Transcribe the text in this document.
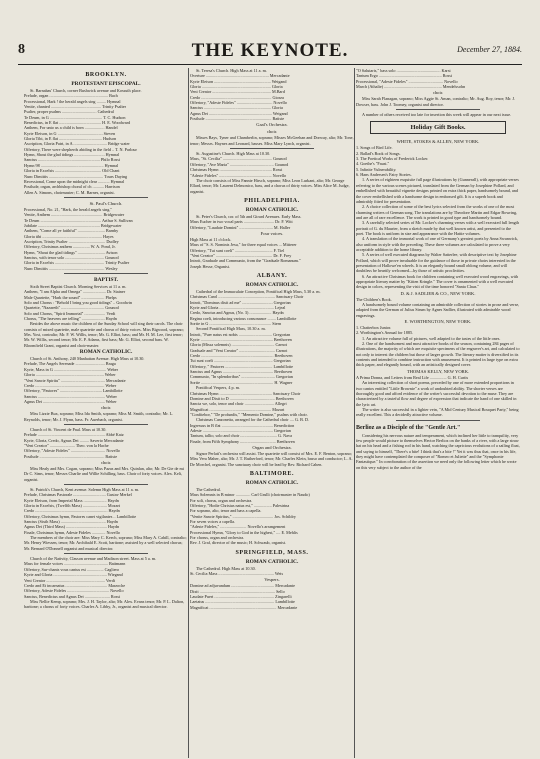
8	THE KEYNOTE.	December 27, 1884.
BROOKLYN.
PROTESTANT EPISCOPAL.
St. Barnabas' Church, corner Bushwick avenue and Kossuth place.
Prelude, organ ........................................................ Bach
Processional, Hark ! the herald angels sing ......... Hymnal
Venite, chanted ................................................ Trinity Psalter
Psalter, proper psalms ................................. Cathedral
Te Deum, in G .................................................. T. C. Hudson
Benedictus, in E flat ........................................ H. E. Woodward
Anthem, For unto us a child is born ................... Handel
Kyrie Eleison, in G ........................................... Steven
Gloria Tibi, in E flat ......................................... Hudson
Ascription, Gloria Patri, in A ................................ Bridge water
Offertory, There were shepherds abiding in the field .. T. N. Parlour
Hymn, Shout the glad tidings ............................. Hymnal
Sanctus ........................................................... Philo Rossi
Hymn 98 ............................................................ Hymnal
Gloria in Excelsis ............................................ Old Chant
Nunc Dimittis .................................................... Tours Daying
Recessional, Come upon the midnight clear ........... Hymnal
Postlude, organ, archbishop choral of ch ........... Harrison
Allen A. Simons, choirmaster; C. M. Barnes, organist.
St. Paul's Church.
Processional, No. 21, "Hark, the herald angels sing."
Venite, Anthem ................................................. Bridgewater
Te Deum .......................................................... Arthur S. Sullivan
Jubilate ........................................................... Bridgewater
Anthem, "Come all ye faithful" .......................... Barnby
Gloria tibi ......................................................... Hayes
Ascription, Trinity Psalter ................................... Dudley
Offertory, Christmas anthem ................ W. A. Pond, Jr.
Hymn, "Shout the glad tidings" .......................... Avison
Sanctus, with tenor solo ..................................... Gounod
Gloria in Excelsis ............................................... Trinity Psalter
Nunc Dimittis ..................................................... Wesley
BAPTIST.
Sixth Street Baptist Church. Morning Services at 11 a. m.
Anthem, "I am Alpha and Omega" ...................... Dr. Stainer
Male Quartette, "Hark the sound" ...................... Phelps
Solo and Chorus : "Behold I bring you good tidings" .. Goodwin
Quartette, "Nazareth" ......................................... Gounod
Solo and Chorus, "Spirit Immortal" .................... Verdi
Chorus, "The heavens are telling" ...................... Haydn
Besides the above music the children of the Sunday School will sing their carols. The choir consists of mixed quartette, male quartette and chorus of thirty voices. Miss Bigwood, soprano; Mrs. Yost, contralto; Mr. F. W. Willis, tenor; Mr. G. Elliot, bass; and Mr. H. M. Lee, first tenor; Mr. W. Willis, second tenor; Mr. E. P. Adams, first bass; Mr. G. Elliot, second bass. W. Bloomfield Grant, organist and choir-master.
ROMAN CATHOLIC.
Church of St. Anthony, 240 Manhattan Avenue. High Mass at 10.30.
Prelude, The Angels Serenade ............................ Braga
Kyrie, Mass in G .................................................. Weber
Gloria ................................................................. Weber
"Veni Sancte Spiritu" .......................................... Mercadante
Credo .................................................................. Weber
Offertory, "Pastores" ........................................ Lambillotte
Sanctus ................................................................ Weber
Agnus Dei ........................................................... Weber
choir.
Miss Lizzie Bux, soprano; Miss Ida Smith, soprano; Miss M. Smith, contralto; Mr. L. Reynolds, tenor; Mr. J. Flynn, bass. Fr. Auerbach, organist.
Church of St. Vincent de Paul. Mass at 10.30.
Prelude ................................................................ Abbé Katz
Kyrie, Gloria, Credo, Agnus Dei ......... Saverio Mercadante
"Veni Creator" ........................ Theo. von la Hache
Offertory, "Adeste Fideles" ................................. Novello
Postlude .............................................................. Batiste
choir.
Miss Healy and Mrs. Cogan, soprano; Miss Pazas and Mrs. Quinlan, alto; Mr. De Gie de mi Dr C. Sims, tenor; Messrs Charlie and Willie Schilling, bass. Choir of forty voices. Alex. Keli, organist.
St. Patrick's Church, Kent avenue. Solemn High Mass at 11 a. m.
Prelude, Christmas Pastorale ............................... Gustav Merkel
Kyrie Eleison, from Imperial Mass ...................... Haydn
Gloria in Excelsis, (Twelfth Mass) ....................... Mozart
Credo ..................................................................... Haydn
Offertory, Christmas hymn, Pastores canet vigilantes .. Lambillotte
Sanctus (Sixth Mass) ........................................... Haydn
Agnus Dei (Third Mass) ....................................... Haydn
Finale, Christmas hymn, Adeste Fideles ............. Novello
The members of the choir are: Miss Mary C. Keech, soprano; Miss Mary A. Cahill, contralto; Mr. Henry Wiessen, tenor; Mr. Archibald E. Scott, baritone; assisted by a well selected chorus; Mr. Bernard O'Donnell organist and musical director.
Church of the Nativity, Classon avenue and Madison street. Mass at 5 a. m.
Mass for female voices .......................................... Battmann
Offertory, Sur-chants vous cantus est ................ Cagliero
Kyrie and Gloria ................................................... Wiegand
Veni Creator ........................................................ Verdi
Credo and Et incarnatus ........................................ Marzoche
Offertory, Adeste Fideles ........................................ Novello
Sanctus, Benedictus and Agnus Dei ........................ Rossi
Miss Nellie Kemp, soprano; Mrs. J. H. Taylor, alto; Mr. Alex. Evans tenor; Mr. P. L. Dalton, baritone; a chorus of forty voices. Charles A. Libby, Jr., organist and musical director.
St. Teresa's Church. High Mass at 11 a. m.
Overture ............................................................ Mercadante
Kyrie Eleison ...................................................... Weigand
Gloria .................................................................. Gloria
Veni Creator ........................................................ M.Bard
Credo ................................................................... Giorza
Offertory, "Adeste Fideles" .................................. Novello
Sanctus ................................................................ Gloria
Agnus Dei ............................................................ Weigand
Postlude ............................................................... Batiste
Gaal's Orchestra.
choir.
Misses Bays, Tyner and Chamberlin, soprano; Misses McGeehan and Dorway, alto; Mr. Tone, tenor; Messrs. Haynes and Leonard, basses. Miss Mary Lynch, organist.
St. Augustine's Church. High Mass at 10.30.
Mass, "St. Cecilia" ............................................... Gounod
Offertory, "Ave Maria" .......................................... Gounod
Christmas Hymn .................................................. Rossi
"Adeste Fideles" .................................................. Novello
The choir consists of Miss Fannie Hirsch, soprano; Miss Leon Lurkant, alto; Mr. George Ellard, tenor; Mr. Laurent Delmonico, bass, and a chorus of thirty voices. Miss Alice M. Judge, organist.
PHILADELPHIA.
ROMAN CATHOLIC.
St. Peter's Church, cor. of 5th and Girard Avenues. Early Mass.
Mass Eucher in two vocal parts ............................. Dr. F. Witt
Offertory, "Laudate Domini" ................................ M. Haller
Four voices.
High Mass at 11 o'clock.
Mass of "S. S. Nominis Jesu," for three equal voices ... Mitterer
Offertory, "Tui sunt coeli" .................................... F. Tiel
"Veni Creator" ...................................................... Dr. F. Frey
Introit, Graduale and Communio, from the "Graduale Romanum."
Joseph Hesse, Organist.
ALBANY.
ROMAN CATHOLIC.
Cathedral of the Immaculate Conception, Pontifical High Mass, 5.30 a. m.
Christmas Carol ...................................................... Sanctuary Choir
Introit, "Dominus dixit ad me" ............................. Gregorian
Kyrie and Gloria .................................................... Lejeal
Credo, Sanctus and Agnus, (No. 3) ..................... Haydn
Regina coeli, introducing various consonance ........ Lambillotte
Sortie in G ........................................................... Stern
Second Pontifical High Mass, 10.30 a. m.
Introit, "Puer natus est nobis ................................ Gregorian
Kyrie ..................................................................... Beethoven
Gloria (Missa solemnis) ......................................... Carnot
Graduale and "Veni Creator" .................................. Carnot
Credo ..................................................................... Beethoven
Tui sunt coeli ........................................................ Gregorian
Offertory, " Pastores ............................................. Lambillotte
Sanctus and Agnus ................................................ Beethoven
Communio, "In splendoribus" ................................ Gregorian
Sortie ..................................................................... H. Wagner
Pontifical Vespers, 4 p. m.
Christmas Hymn .................................................. Sanctuary Choir
Domine and Dixit to D ........................................... Beethoven
Sancta we, solo, tenor and choir ............................ Allegri
Magnificat ........................................................... Mozart
"Confitebor," "De profundis," "Memento Domine," psalms with choir.
Christmas Canzonetta, arranged for the Cathedral choir .... G. B. D.
Ingressus in B flat ................................................. Benediction
Adeste ................................................................... Gregorian
Tantum, tallio, solo and choir ................................... G. Nava
Finale, from Fifth Symphony .................................. Beethoven
Organ and Orchestra.
Signor Perlati's orchestra will assist. The quartette will consist of Mrs. E. F. Benton, soprano; Miss Vera Maher, alto; Mr. J. T. Rutherford, tenor; Mr. Charles Klein, basso and conductor; L. A. De Morchel, organist. The sanctuary choir will be lead by Rev. Richard Cahen.
BALTIMORE.
ROMAN CATHOLIC.
The Cathedral.
Mass Solemnis in B minor .............. Carl Grulli (choirmaster in Naudo)
For soli, chorus, organ and orchestra.
Offertory, "Hodie Christus natus est," ................. Palestrina
For soprano, alto, tenor and bass a capella.
"Venite Sancte Spiritus," ....................................... Jos. Schildry
For seven voices a capella.
"Adeste Fideles," ......................... Novello's arrangement
Processional Hymn, "Glory to God in the highest," .... E. Mehlis
For chorus, organ and orchestra.
Rev. J. Graf, director of the music; H. Schwaub, organist.
SPRINGFIELD, MASS.
ROMAN CATHOLIC.
The Cathedral. High Mass at 10.30.
St. Cecilia Mass ..................................................... Weis
Vespers.
Domine ad adjuvandum ......................................... Mercadante
Dixit ........................................................................ Sello
Laudate Pueri ......................................................... Zingarelli
Laetatus .................................................................. Lambillotte
Magnificat ................................................................ Mercadante
"O Salutaris," bass solo .......................................... Karst
Tantum Ergo ............................................................ Rossi
Processional, "Adeste Fideles" ................................. Novello
March (Athalie) ....................................................... Mendelssohn
choir.
Miss Sarah Flanagan, soprano; Miss Aggie St. Aman, contralto; Mr. Aug. Roy, tenor; Mr. J. Dowser, bass. John J. Toomey, organist and director.
A number of others received too late for insertion this week will appear in our next issue.
Holiday Gift Books.
WHITE, STOKES & ALLEN, NEW YORK.
1. Songs of Bird Life.
2. Ballad's Book of Songs.
3. The Poetical Works of Frederick Locker.
4. Goethe's "Faust."
5. Infinite Vulnerability.
6. Hans Andersen's Fairy Stories.
1. A series of eighteen exquisite full page illustrations by (Gunnerall), with appropriate verses referring to the various scenes pictured, translated from the German by Josephine Pollard, and embellished with beautiful vignette designs printed on extra thick paper, handsomely bound, and the cover embellished with a handsome design in embossed gilt. It is a superb book and admirably fitted for presentation.
2. A choice collection of some of the best lyrics selected from the works of one of the most charming writers of German song. The translations are by Theodore Martin and Edgar Bowring, and are all of rare excellence. The work is printed in good type and handsomely bound.
3. A carefully selected series of Mr. Locker's charming verses with a well executed full length portrait of G. du Maurier, from a sketch made by that well known artist, and presented to the poet. The book is uniform in size and appearance with the Hattie volumes.
4. A translation of the immortal work of one of Germany's greatest poets by Anna Swanwick, also uniform in style with the preceding. These three volumes are calculated to prove a very acceptable addition to the home library.
5. A series of well executed diagrams by Walter Satterlee, with descriptive text by Josephine Pollard, which will prove invaluable for the guidance of those in private choirs interested in the presentation of Hallowe'en wheels. It is an elegantly bound small oblong volume, and will doubtless be heartily welcomed—by those of artistic proclivities.
6. An attractive Christmas book for children containing well executed wood engravings, with appropriate literary matter by "Kitten Kringle." The cover is ornamented with a well executed design in colors, representing the visit of the time honored "Santa Claus."
D. & J. SADLIER & CO., NEW YORK.
The Children's Book.
A handsomely bound volume containing an admirable collection of stories in prose and verse, adapted from the German of Julius Strum by Agnes Sadlier, illustrated with admirable wood engravings.
E. WORTHINGTON, NEW YORK.
1. Chatterbox Junior.
2. Worthington's Annual for 1885.
1. An attractive volume full of pictures, well adapted to the tastes of the little ones.
2. One of the handsomest and most attractive books of the season, containing 284 pages of illustrations, the majority of which are exquisite specimens of the engraver's art, and calculated to not only to interest the children but those of larger growth. The literary matter is diversified in its contents and intended to combine instruction with amusement. It is printed in large type on extra thick paper, and elegantly bound, with an artistically designed cover.
THOMAS KELLY, NEW YORK.
A Prima Donna, and Letters from Real Life ................ G. H. Curtis
An interesting collection of short poems, preceded by one of more extended proportions in two cantos entitled "Little Brownie" a work of undoubted ability. The shorter verses are thoroughly good and afford evidence of the writer's successful devotion to the muse. They are characterized by a tasteful flow and degree of expression that indicate the hand of one skilled in the lyric art.
The writer is also successful in a lighter vein, "A Mid Century Musical Bouquet Party," being really excellent. This a decidedly attractive volume.
Berlioz as a Disciple of the "Gentle Art."
Considering his nervous nature and temperament, which inclined her little to tranquility, very few people would picture to themselves Hector Berlioz on the banks of a river, with a large straw hat on his head and a fishing rod in his hand, watching the capricious evolutions of a sailing float, and saying to himself, "There's a bite! I think that's a bite !" Yet it was thus that, once in his life, they might have contemplated the composer of "Romeo et Juliette" and the "Symphonie Fantastique." In corroboration of the assertion we need only the following letter which he wrote on this very subject to the author of the
